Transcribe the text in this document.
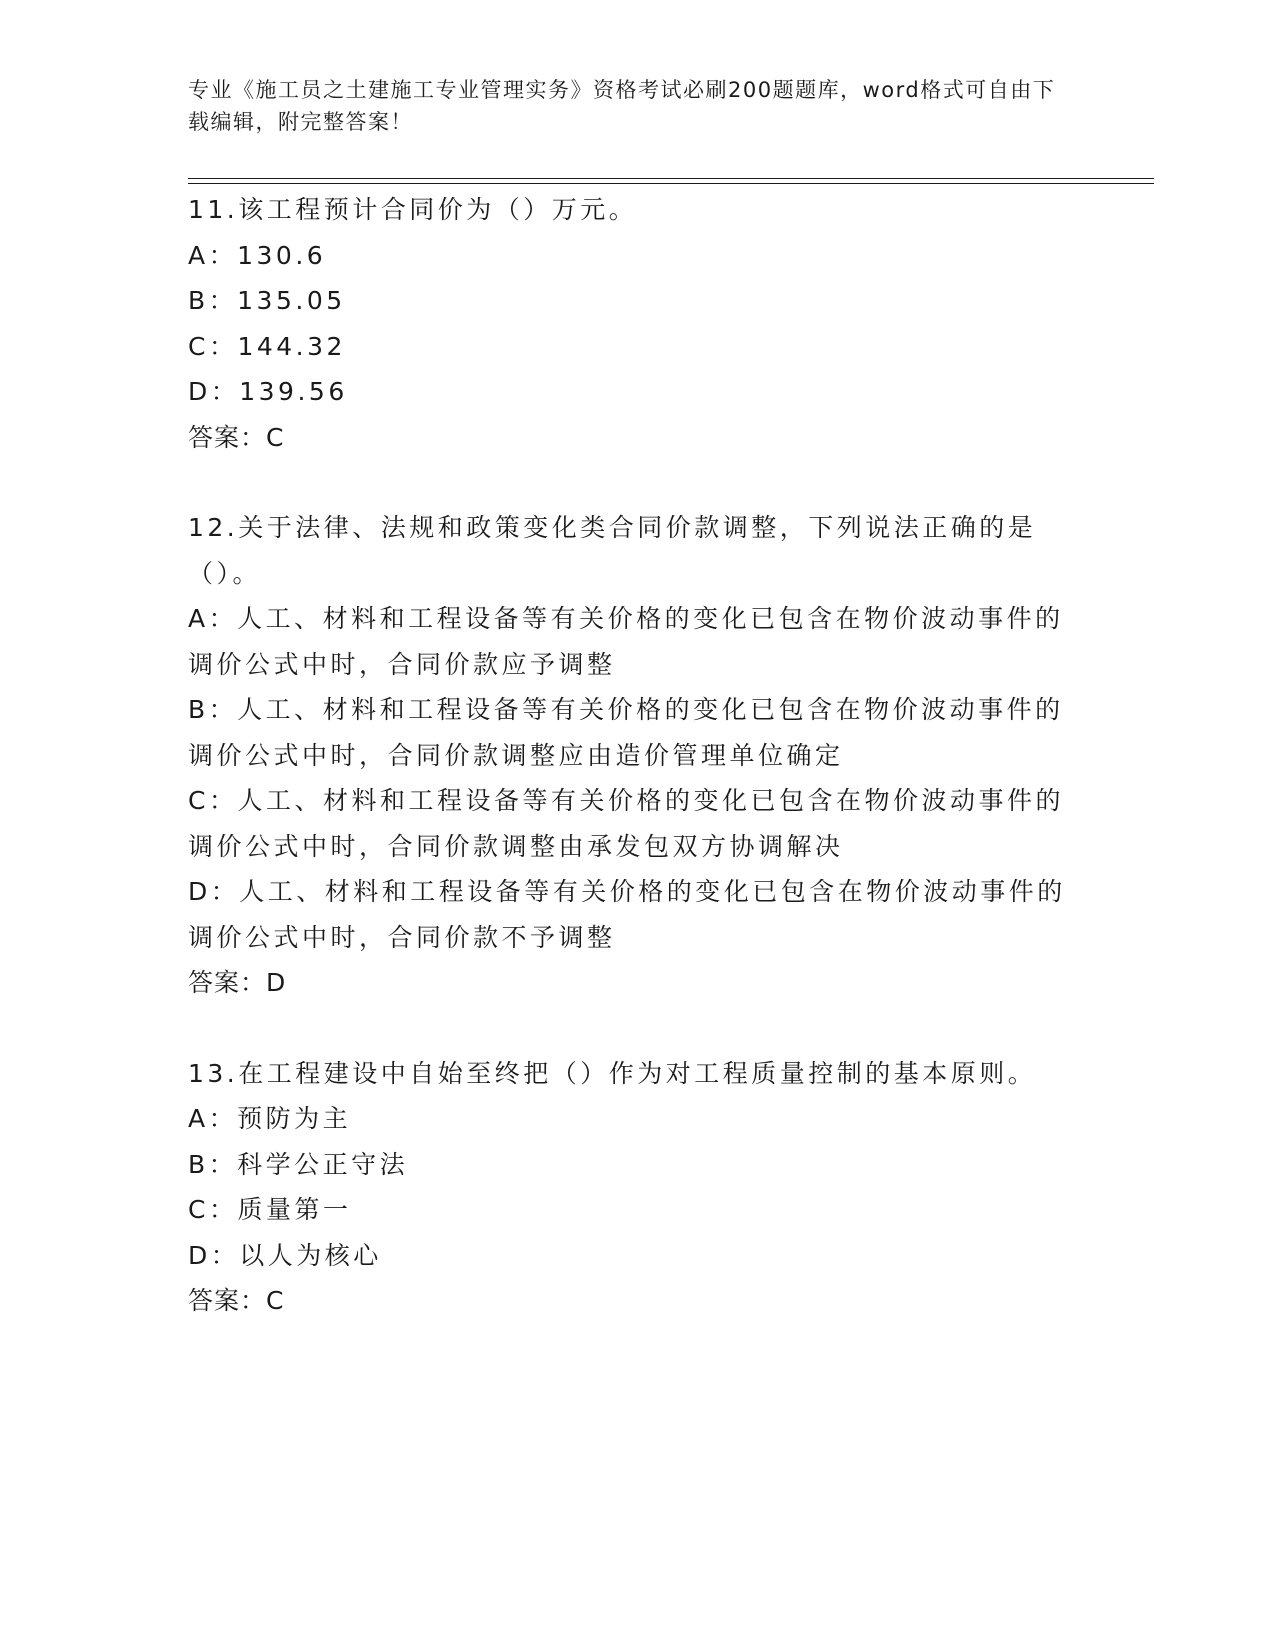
专业《施工员之土建施工专业管理实务》资格考试必刷200题题库，word格式可自由下载编辑，附完整答案！
11.该工程预计合同价为（）万元。
A：130.6
B：135.05
C：144.32
D：139.56
答案：C
12.关于法律、法规和政策变化类合同价款调整，下列说法正确的是（）。
A：人工、材料和工程设备等有关价格的变化已包含在物价波动事件的调价公式中时，合同价款应予调整
B：人工、材料和工程设备等有关价格的变化已包含在物价波动事件的调价公式中时，合同价款调整应由造价管理单位确定
C：人工、材料和工程设备等有关价格的变化已包含在物价波动事件的调价公式中时，合同价款调整由承发包双方协调解决
D：人工、材料和工程设备等有关价格的变化已包含在物价波动事件的调价公式中时，合同价款不予调整
答案：D
13.在工程建设中自始至终把（）作为对工程质量控制的基本原则。
A：预防为主
B：科学公正守法
C：质量第一
D：以人为核心
答案：C
